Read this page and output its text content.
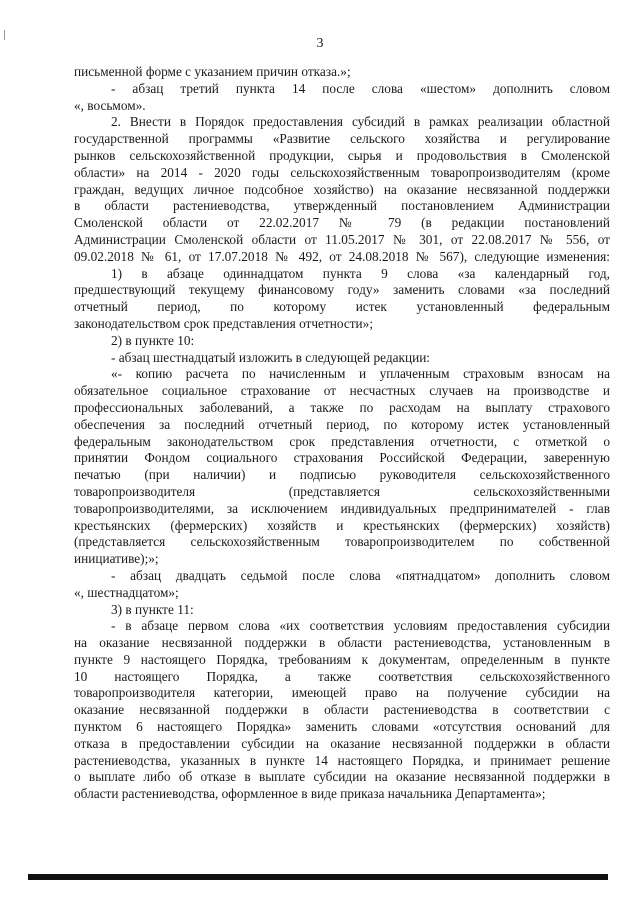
3
письменной форме с указанием причин отказа.»;
- абзац третий пункта 14 после слова «шестом» дополнить словом
«, восьмом».
2. Внести в Порядок предоставления субсидий в рамках реализации областной
государственной программы «Развитие сельского хозяйства и регулирование
рынков сельскохозяйственной продукции, сырья и продовольствия в Смоленской
области» на 2014 - 2020 годы сельскохозяйственным товаропроизводителям (кроме
граждан, ведущих личное подсобное хозяйство) на оказание несвязанной поддержки
в области растениеводства, утвержденный постановлением Администрации
Смоленской области от 22.02.2017 № 79 (в редакции постановлений
Администрации Смоленской области от 11.05.2017 № 301, от 22.08.2017 № 556, от
09.02.2018 № 61, от 17.07.2018 № 492, от 24.08.2018 № 567), следующие изменения:
1) в абзаце одиннадцатом пункта 9 слова «за календарный год,
предшествующий текущему финансовому году» заменить словами «за последний
отчетный период, по которому истек установленный федеральным
законодательством срок представления отчетности»;
2) в пункте 10:
- абзац шестнадцатый изложить в следующей редакции:
«- копию расчета по начисленным и уплаченным страховым взносам на
обязательное социальное страхование от несчастных случаев на производстве и
профессиональных заболеваний, а также по расходам на выплату страхового
обеспечения за последний отчетный период, по которому истек установленный
федеральным законодательством срок представления отчетности, с отметкой о
принятии Фондом социального страхования Российской Федерации, заверенную
печатью (при наличии) и подписью руководителя сельскохозяйственного
товаропроизводителя (представляется сельскохозяйственными
товаропроизводителями, за исключением индивидуальных предпринимателей - глав
крестьянских (фермерских) хозяйств и крестьянских (фермерских) хозяйств)
(представляется сельскохозяйственным товаропроизводителем по собственной
инициативе);»;
- абзац двадцать седьмой после слова «пятнадцатом» дополнить словом
«, шестнадцатом»;
3) в пункте 11:
- в абзаце первом слова «их соответствия условиям предоставления субсидии
на оказание несвязанной поддержки в области растениеводства, установленным в
пункте 9 настоящего Порядка, требованиям к документам, определенным в пункте
10 настоящего Порядка, а также соответствия сельскохозяйственного
товаропроизводителя категории, имеющей право на получение субсидии на
оказание несвязанной поддержки в области растениеводства в соответствии с
пунктом 6 настоящего Порядка» заменить словами «отсутствия оснований для
отказа в предоставлении субсидии на оказание несвязанной поддержки в области
растениеводства, указанных в пункте 14 настоящего Порядка, и принимает решение
о выплате либо об отказе в выплате субсидии на оказание несвязанной поддержки в
области растениеводства, оформленное в виде приказа начальника Департамента»;
